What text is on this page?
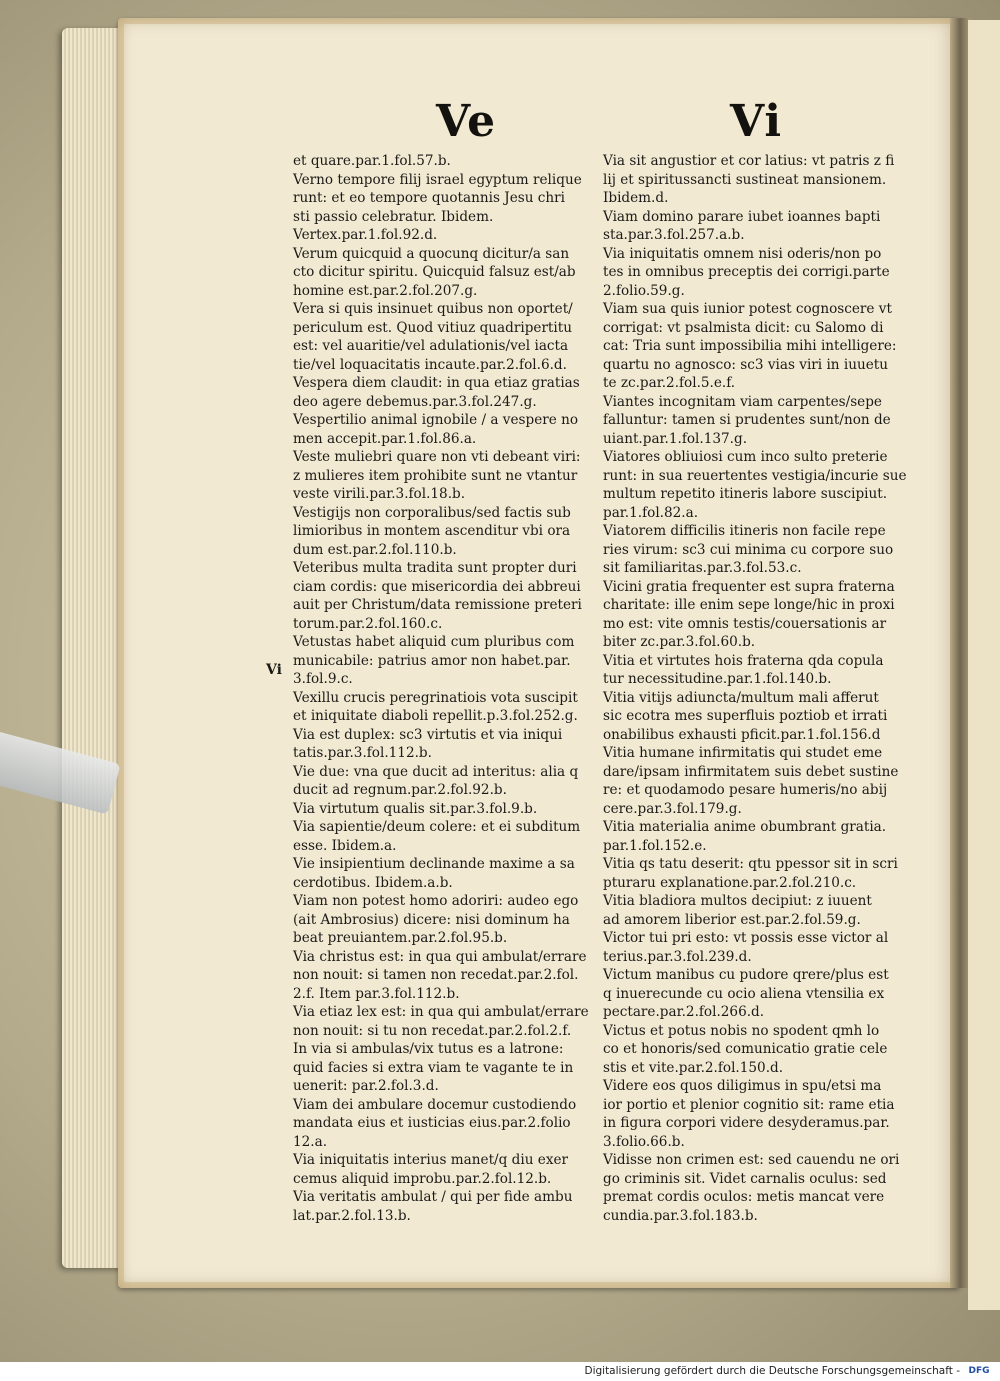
Ve	Vi
Vi
et quare.par.1.fol.57.b.
Verno tempore filij israel egyptum relique
runt: et eo tempore quotannis Jesu chri
sti passio celebratur. Ibidem.
Vertex.par.1.fol.92.d.
Verum quicquid a quocunq dicitur/a san
cto dicitur spiritu. Quicquid falsuz est/ab
homine est.par.2.fol.207.g.
Vera si quis insinuet quibus non oportet/
periculum est. Quod vitiuz quadripertitu
est: vel auaritie/vel adulationis/vel iacta
tie/vel loquacitatis incaute.par.2.fol.6.d.
Vespera diem claudit: in qua etiaz gratias
deo agere debemus.par.3.fol.247.g.
Vespertilio animal ignobile / a vespere no
men accepit.par.1.fol.86.a.
Veste muliebri quare non vti debeant viri:
z mulieres item prohibite sunt ne vtantur
veste virili.par.3.fol.18.b.
Vestigijs non corporalibus/sed factis sub
limioribus in montem ascenditur vbi ora
dum est.par.2.fol.110.b.
Veteribus multa tradita sunt propter duri
ciam cordis: que misericordia dei abbreui
auit per Christum/data remissione preteri
torum.par.2.fol.160.c.
Vetustas habet aliquid cum pluribus com
municabile: patrius amor non habet.par.
3.fol.9.c.
Vexillu crucis peregrinatiois vota suscipit
et iniquitate diaboli repellit.p.3.fol.252.g.
Via est duplex: sc3 virtutis et via iniqui
tatis.par.3.fol.112.b.
Vie due: vna que ducit ad interitus: alia q
ducit ad regnum.par.2.fol.92.b.
Via virtutum qualis sit.par.3.fol.9.b.
Via sapientie/deum colere: et ei subditum
esse. Ibidem.a.
Vie insipientium declinande maxime a sa
cerdotibus. Ibidem.a.b.
Viam non potest homo adoriri: audeo ego
(ait Ambrosius) dicere: nisi dominum ha
beat preuiantem.par.2.fol.95.b.
Via christus est: in qua qui ambulat/errare
non nouit: si tamen non recedat.par.2.fol.
2.f. Item par.3.fol.112.b.
Via etiaz lex est: in qua qui ambulat/errare
non nouit: si tu non recedat.par.2.fol.2.f.
In via si ambulas/vix tutus es a latrone:
quid facies si extra viam te vagante te in
uenerit: par.2.fol.3.d.
Viam dei ambulare docemur custodiendo
mandata eius et iusticias eius.par.2.folio
12.a.
Via iniquitatis interius manet/q diu exer
cemus aliquid improbu.par.2.fol.12.b.
Via veritatis ambulat / qui per fide ambu
lat.par.2.fol.13.b.
Via sit angustior et cor latius: vt patris z fi
lij et spiritussancti sustineat mansionem.
Ibidem.d.
Viam domino parare iubet ioannes bapti
sta.par.3.fol.257.a.b.
Via iniquitatis omnem nisi oderis/non po
tes in omnibus preceptis dei corrigi.parte
2.folio.59.g.
Viam sua quis iunior potest cognoscere vt
corrigat: vt psalmista dicit: cu Salomo di
cat: Tria sunt impossibilia mihi intelligere:
quartu no agnosco: sc3 vias viri in iuuetu
te zc.par.2.fol.5.e.f.
Viantes incognitam viam carpentes/sepe
falluntur: tamen si prudentes sunt/non de
uiant.par.1.fol.137.g.
Viatores obliuiosi cum inco sulto preterie
runt: in sua reuertentes vestigia/incurie sue
multum repetito itineris labore suscipiut.
par.1.fol.82.a.
Viatorem difficilis itineris non facile repe
ries virum: sc3 cui minima cu corpore suo
sit familiaritas.par.3.fol.53.c.
Vicini gratia frequenter est supra fraterna
charitate: ille enim sepe longe/hic in proxi
mo est: vite omnis testis/couersationis ar
biter zc.par.3.fol.60.b.
Vitia et virtutes hois fraterna qda copula
tur necessitudine.par.1.fol.140.b.
Vitia vitijs adiuncta/multum mali afferut
sic ecotra mes superfluis poztiob et irrati
onabilibus exhausti pficit.par.1.fol.156.d
Vitia humane infirmitatis qui studet eme
dare/ipsam infirmitatem suis debet sustine
re: et quodamodo pesare humeris/no abij
cere.par.3.fol.179.g.
Vitia materialia anime obumbrant gratia.
par.1.fol.152.e.
Vitia qs tatu deserit: qtu ppessor sit in scri
pturaru explanatione.par.2.fol.210.c.
Vitia bladiora multos decipiut: z iuuent
ad amorem liberior est.par.2.fol.59.g.
Victor tui pri esto: vt possis esse victor al
terius.par.3.fol.239.d.
Victum manibus cu pudore qrere/plus est
q inuerecunde cu ocio aliena vtensilia ex
pectare.par.2.fol.266.d.
Victus et potus nobis no spodent qmh lo
co et honoris/sed comunicatio gratie cele
stis et vite.par.2.fol.150.d.
Videre eos quos diligimus in spu/etsi ma
ior portio et plenior cognitio sit: rame etia
in figura corpori videre desyderamus.par.
3.folio.66.b.
Vidisse non crimen est: sed cauendu ne ori
go criminis sit. Videt carnalis oculus: sed
premat cordis oculos: metis mancat vere
cundia.par.3.fol.183.b.
Digitalisierung gefördert durch die Deutsche Forschungsgemeinschaft - DFG
